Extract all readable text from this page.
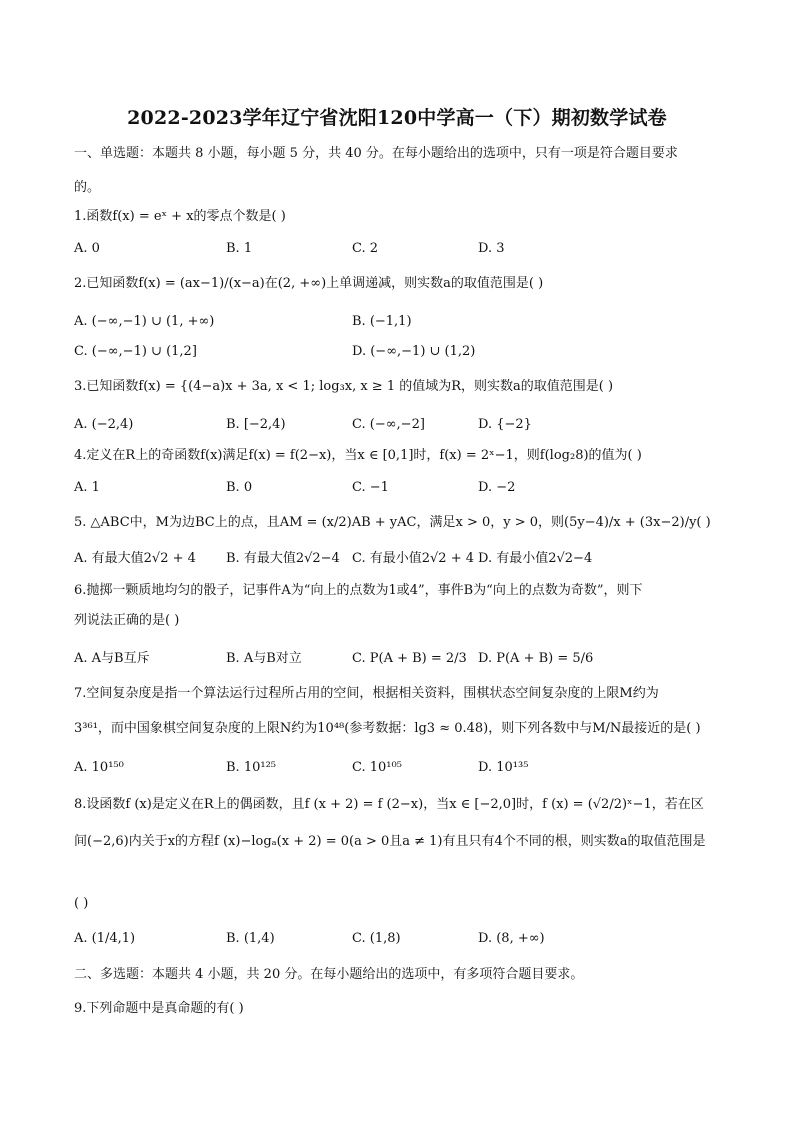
2022-2023学年辽宁省沈阳120中学高一（下）期初数学试卷
一、单选题：本题共 8 小题，每小题 5 分，共 40 分。在每小题给出的选项中，只有一项是符合题目要求
的。
1.函数f(x) = eˣ + x的零点个数是( )
A. 0	B. 1	C. 2	D. 3
2.已知函数f(x) = (ax−1)/(x−a)在(2, +∞)上单调递减，则实数a的取值范围是( )
A. (−∞,−1) ∪ (1, +∞)	B. (−1,1)
C. (−∞,−1) ∪ (1,2]	D. (−∞,−1) ∪ (1,2)
3.已知函数f(x) = {(4−a)x + 3a, x < 1; log₃x, x ≥ 1 的值域为R，则实数a的取值范围是( )
A. (−2,4)	B. [−2,4)	C. (−∞,−2]	D. {−2}
4.定义在R上的奇函数f(x)满足f(x) = f(2−x)，当x ∈ [0,1]时，f(x) = 2ˣ−1，则f(log₂8)的值为( )
A. 1	B. 0	C. −1	D. −2
5. △ABC中，M为边BC上的点，且AM = (x/2)AB + yAC，满足x > 0，y > 0，则(5y−4)/x + (3x−2)/y( )
A. 有最大值2√2 + 4 B. 有最大值2√2−4 C. 有最小值2√2 + 4 D. 有最小值2√2−4
6.抛掷一颗质地均匀的骰子，记事件A为“向上的点数为1或4”，事件B为“向上的点数为奇数”，则下
列说法正确的是( )
A. A与B互斥	B. A与B对立	C. P(A + B) = 2/3 D. P(A + B) = 5/6
7.空间复杂度是指一个算法运行过程所占用的空间，根据相关资料，围棋状态空间复杂度的上限M约为
3³⁶¹，而中国象棋空间复杂度的上限N约为10⁴⁸(参考数据：lg3 ≈ 0.48)，则下列各数中与M/N最接近的是( )
A. 10¹⁵⁰	B. 10¹²⁵	C. 10¹⁰⁵	D. 10¹³⁵
8.设函数f (x)是定义在R上的偶函数，且f (x + 2) = f (2−x)，当x ∈ [−2,0]时，f (x) = (√2/2)ˣ−1，若在区
间(−2,6)内关于x的方程f (x)−logₐ(x + 2) = 0(a > 0且a ≠ 1)有且只有4个不同的根，则实数a的取值范围是
( )
A. (1/4,1)	B. (1,4)	C. (1,8)	D. (8, +∞)
二、多选题：本题共 4 小题，共 20 分。在每小题给出的选项中，有多项符合题目要求。
9.下列命题中是真命题的有( )
